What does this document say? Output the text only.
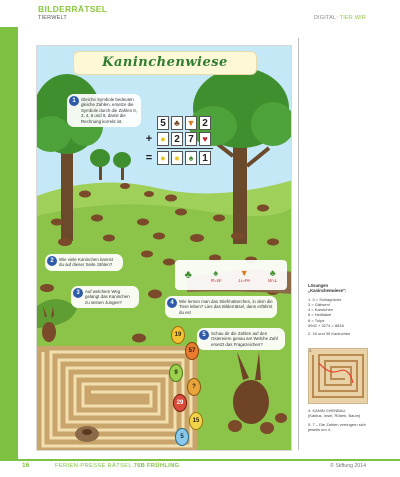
BILDERRÄTSEL
TIERWELT	DIGITAL: TIER WIR
Kaninchenwiese
5 ♣ ▼ 2
+ ● 2 7 ♥
= ● ● ♠ 1
1	Gleiche Symbole bedeuten gleiche Zahlen, ersetze die Symbole durch die Zahlen 0, 3, 4, 6 und 8, damit die Rechnung korrekt ist.
2	Wie viele Kaninchen kannst du auf dieser Seite zählen?
3	Auf welchem Weg gelangt das Kaninchen zu seinen Jungen?
♣	♠
R=W
▼
Li=Fe
♣
W=L
4	Wie lernen man das Stiefmütterchen, in dem die Tiere leben? Lies das Bilderrätsel, dann erfährst du es!
5	Schau dir die Zahlen auf den Ostereiern genau an! Welche Zahl ersetzt das Fragezeichen?
19
57
9
?
29
15
5
Lösungen
„Kaninchenwiese":
1. 0 = Schlagrüche
3 = Gäbsenl
4 = Karotchen
6 = Heidlakel
8 = Tulpe
5942 + 3274 = 8816
2. 16 und 39 Kaninchen
3.
4. KANIN CHENBAU
(Kaktus, Insel, Rüben, Baum)
5. 7 – Die Zahlen verringern sich
jeweils um 4.
16	FERIEN-PRESSE RÄTSEL 76B FRÜHLING	© Stiftung 2014
